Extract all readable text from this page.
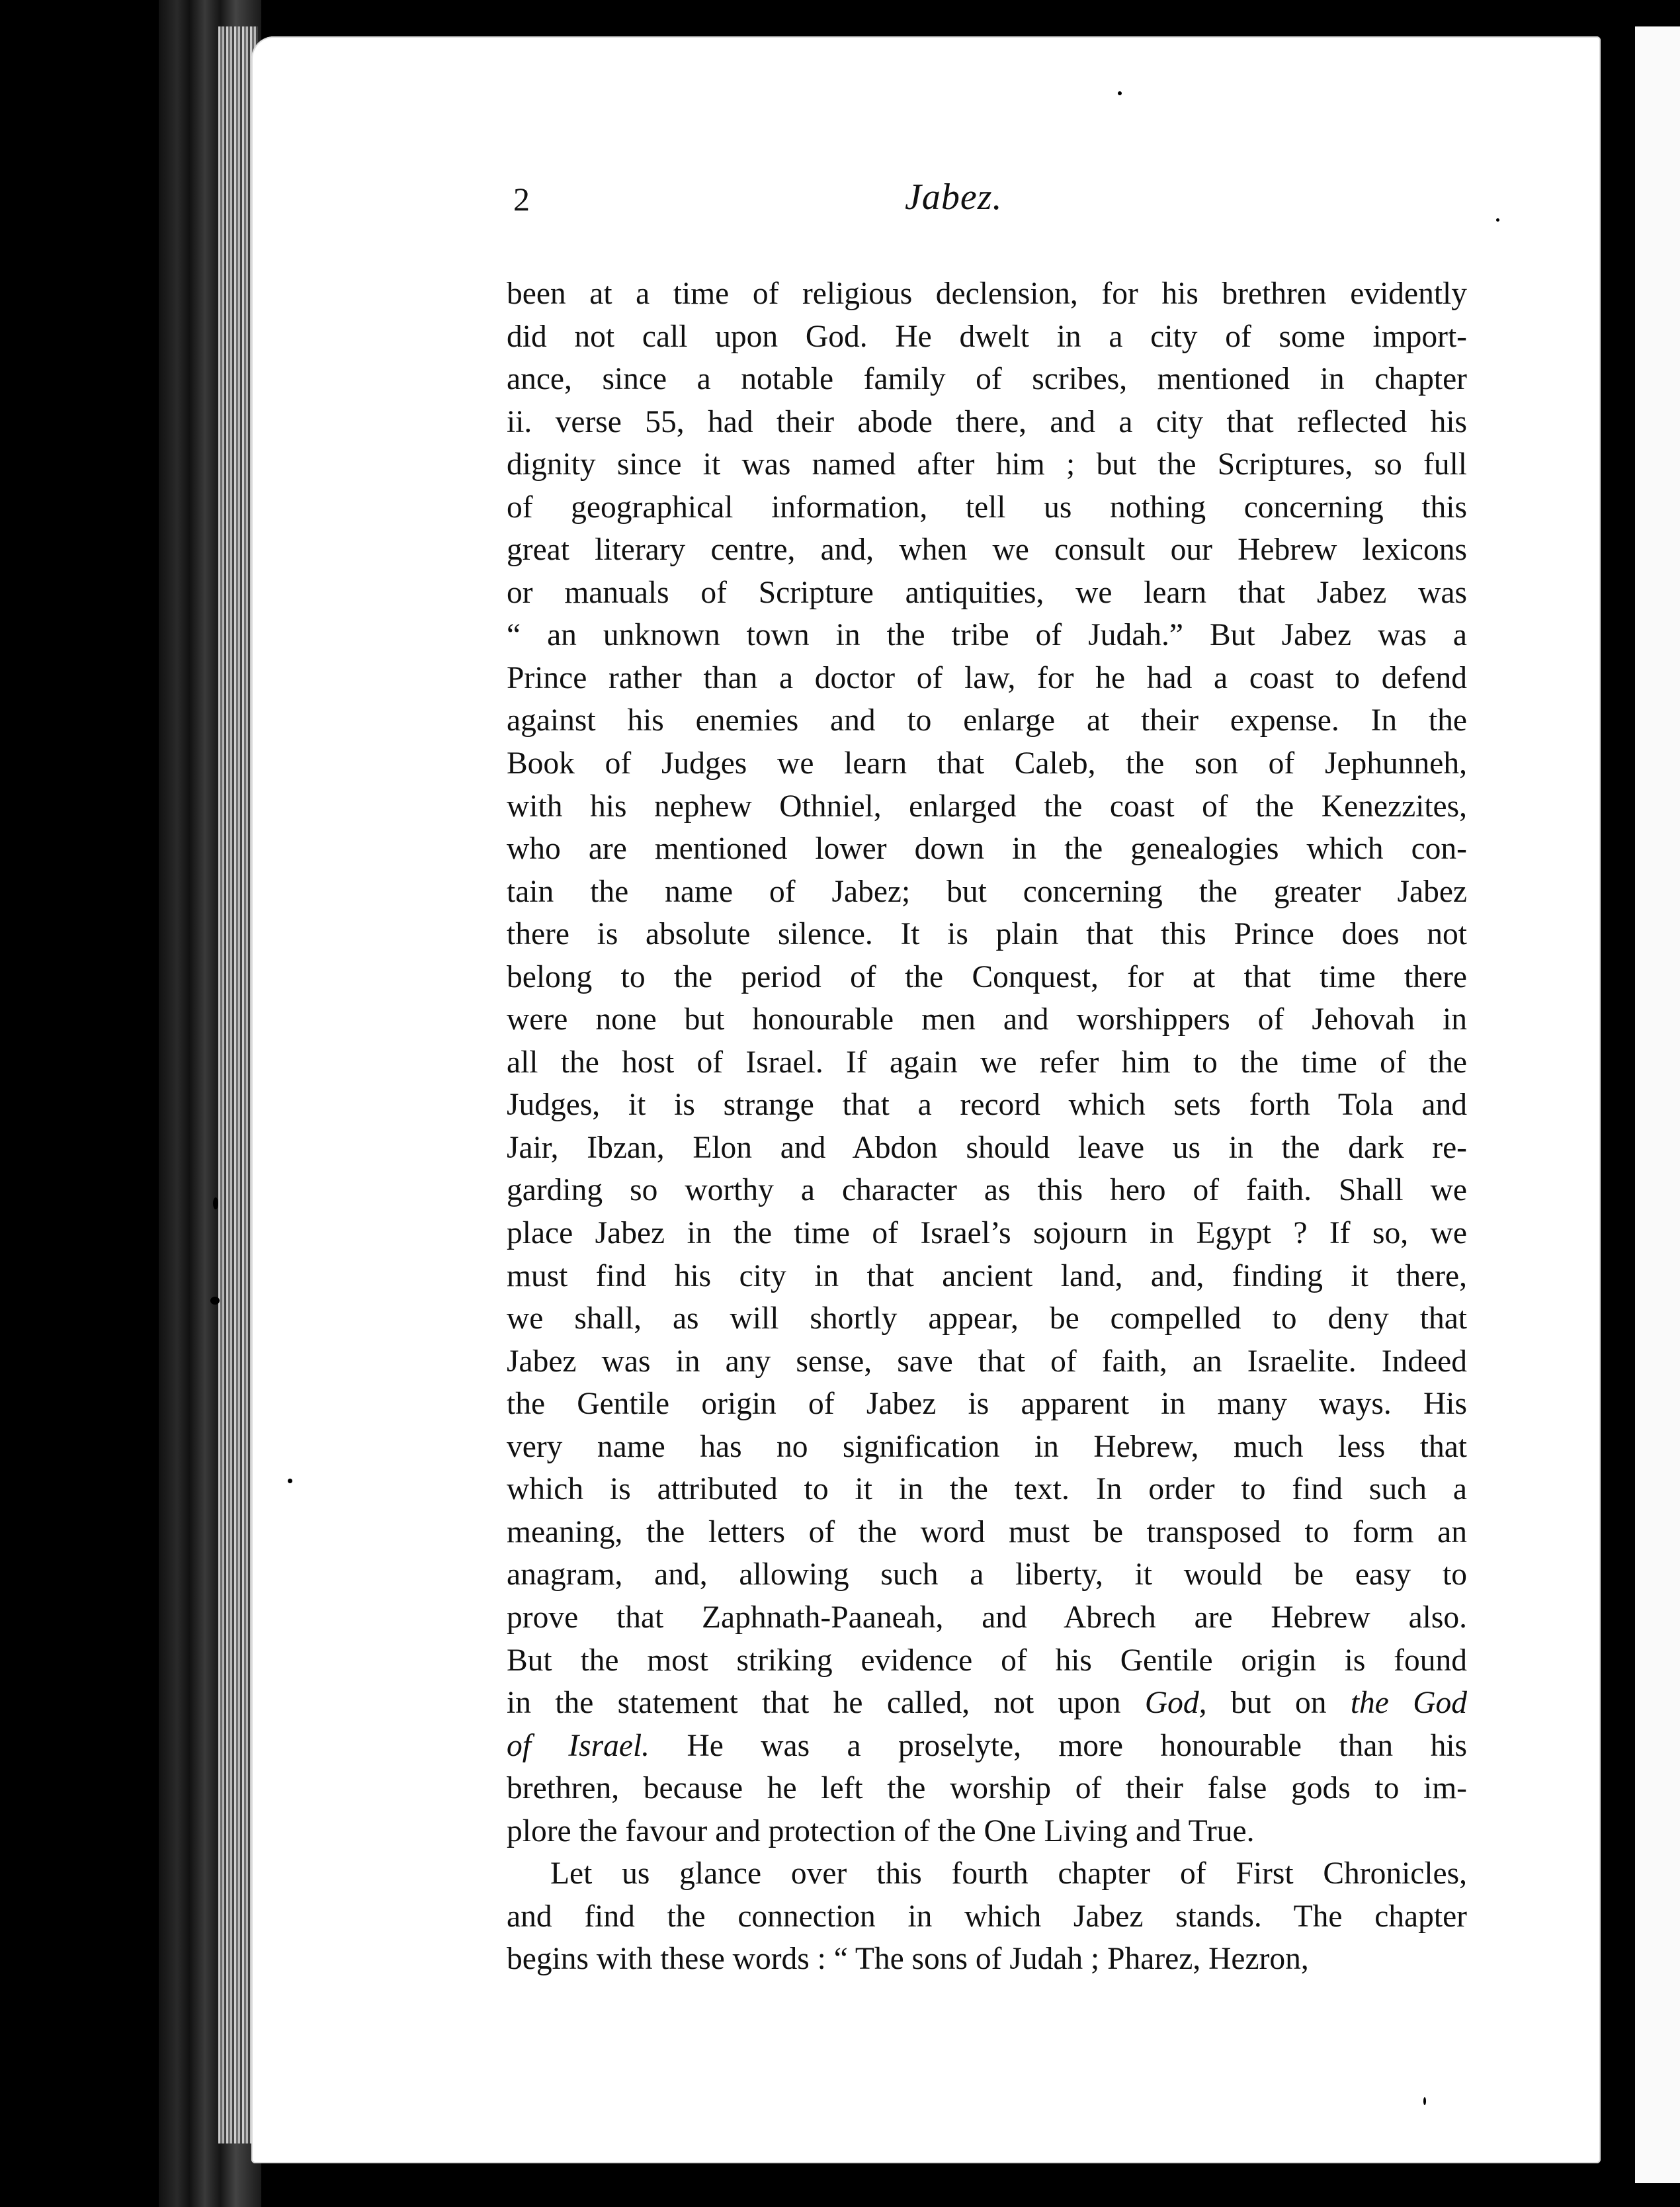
2	Jabez.
been at a time of religious declension, for his brethren evidently
did not call upon God. He dwelt in a city of some import-
ance, since a notable family of scribes, mentioned in chapter
ii. verse 55, had their abode there, and a city that reflected his
dignity since it was named after him ; but the Scriptures, so full
of geographical information, tell us nothing concerning this
great literary centre, and, when we consult our Hebrew lexicons
or manuals of Scripture antiquities, we learn that Jabez was
“ an unknown town in the tribe of Judah.” But Jabez was a
Prince rather than a doctor of law, for he had a coast to defend
against his enemies and to enlarge at their expense. In the
Book of Judges we learn that Caleb, the son of Jephunneh,
with his nephew Othniel, enlarged the coast of the Kenezzites,
who are mentioned lower down in the genealogies which con-
tain the name of Jabez; but concerning the greater Jabez
there is absolute silence. It is plain that this Prince does not
belong to the period of the Conquest, for at that time there
were none but honourable men and worshippers of Jehovah in
all the host of Israel. If again we refer him to the time of the
Judges, it is strange that a record which sets forth Tola and
Jair, Ibzan, Elon and Abdon should leave us in the dark re-
garding so worthy a character as this hero of faith. Shall we
place Jabez in the time of Israel’s sojourn in Egypt ? If so, we
must find his city in that ancient land, and, finding it there,
we shall, as will shortly appear, be compelled to deny that
Jabez was in any sense, save that of faith, an Israelite. Indeed
the Gentile origin of Jabez is apparent in many ways. His
very name has no signification in Hebrew, much less that
which is attributed to it in the text. In order to find such a
meaning, the letters of the word must be transposed to form an
anagram, and, allowing such a liberty, it would be easy to
prove that Zaphnath-Paaneah, and Abrech are Hebrew also.
But the most striking evidence of his Gentile origin is found
in the statement that he called, not upon God, but on the God
of Israel. He was a proselyte, more honourable than his
brethren, because he left the worship of their false gods to im-
plore the favour and protection of the One Living and True.
Let us glance over this fourth chapter of First Chronicles,
and find the connection in which Jabez stands. The chapter
begins with these words : “ The sons of Judah ; Pharez, Hezron,
